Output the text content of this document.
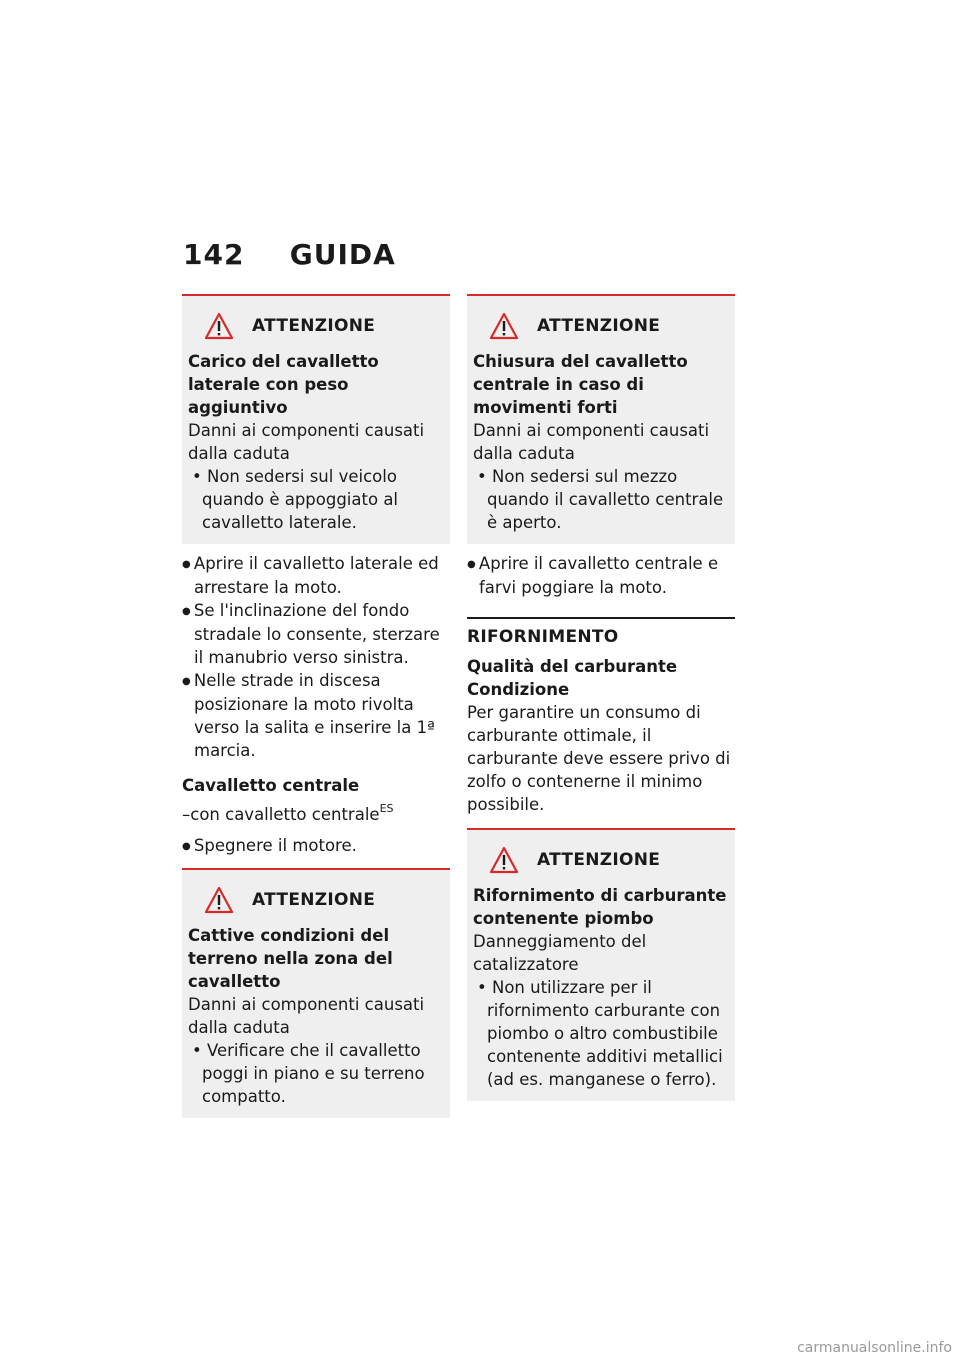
142 GUIDA
ATTENZIONE
Carico del cavalletto laterale con peso aggiuntivo

Danni ai componenti causati dalla caduta

• Non sedersi sul veicolo quando è appoggiato al cavalletto laterale.
● Aprire il cavalletto laterale ed arrestare la moto.
● Se l'inclinazione del fondo stradale lo consente, sterzare il manubrio verso sinistra.
● Nelle strade in discesa posizionare la moto rivolta verso la salita e inserire la 1ª marcia.
Cavalletto centrale
–con cavalletto centrale$^{ES}$
● Spegnere il motore.
ATTENZIONE
Cattive condizioni del terreno nella zona del cavalletto

Danni ai componenti causati dalla caduta

• Verificare che il cavalletto poggi in piano e su terreno compatto.
ATTENZIONE
Chiusura del cavalletto centrale in caso di movimenti forti

Danni ai componenti causati dalla caduta

• Non sedersi sul mezzo quando il cavalletto centrale è aperto.
● Aprire il cavalletto centrale e farvi poggiare la moto.
RIFORNIMENTO
Qualità del carburante
Condizione
Per garantire un consumo di carburante ottimale, il carburante deve essere privo di zolfo o contenerne il minimo possibile.
ATTENZIONE
Rifornimento di carburante contenente piombo

Danneggiamento del catalizzatore

• Non utilizzare per il rifornimento carburante con piombo o altro combustibile contenente additivi metallici (ad es. manganese o ferro).
carmanualsonline.info
